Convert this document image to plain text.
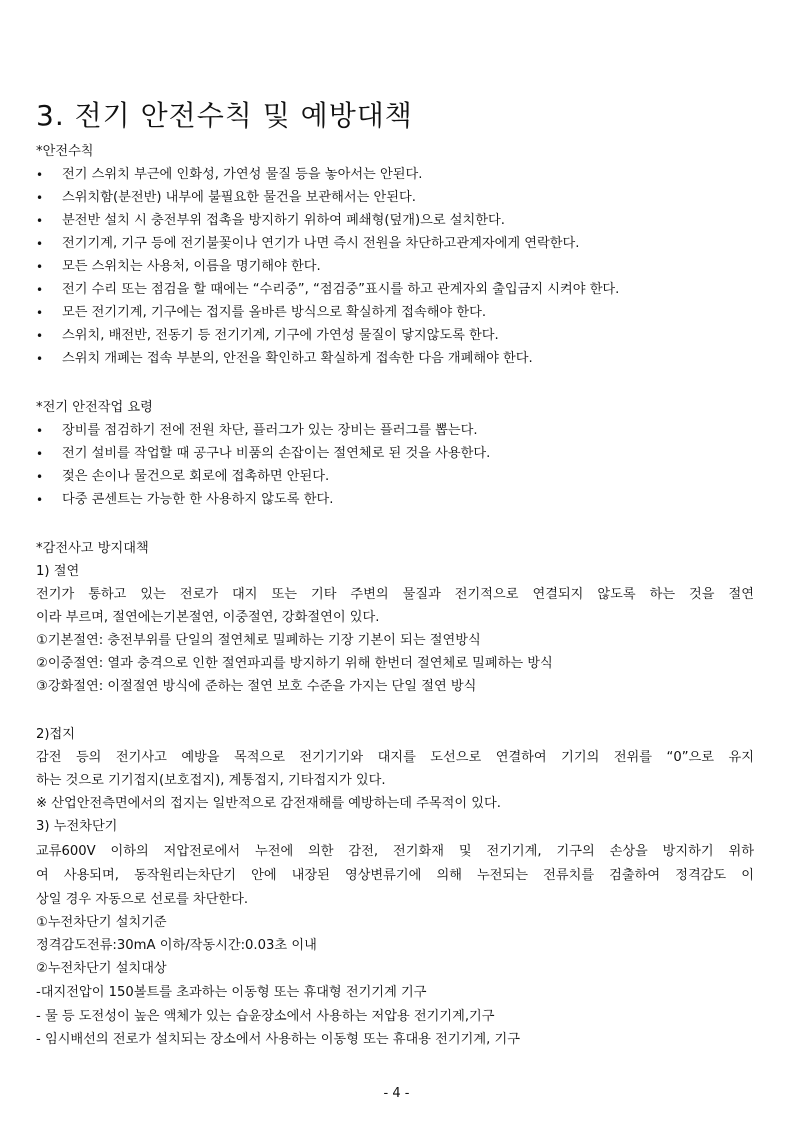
3. 전기 안전수칙 및 예방대책
*안전수칙
• 전기 스위치 부근에 인화성, 가연성 물질 등을 놓아서는 안된다.
• 스위치함(분전반) 내부에 불필요한 물건을 보관해서는 안된다.
• 분전반 설치 시 충전부위 접촉을 방지하기 위하여 폐쇄형(덮개)으로 설치한다.
• 전기기계, 기구 등에 전기불꽃이나 연기가 나면 즉시 전원을 차단하고관계자에게 연락한다.
• 모든 스위치는 사용처, 이름을 명기해야 한다.
• 전기 수리 또는 점검을 할 때에는 “수리중”, “점검중”표시를 하고 관계자외 출입금지 시켜야 한다.
• 모든 전기기계, 기구에는 접지를 올바른 방식으로 확실하게 접속해야 한다.
• 스위치, 배전반, 전동기 등 전기기계, 기구에 가연성 물질이 닿지않도록 한다.
• 스위치 개폐는 접속 부분의, 안전을 확인하고 확실하게 접속한 다음 개폐해야 한다.
*전기 안전작업 요령
• 장비를 점검하기 전에 전원 차단, 플러그가 있는 장비는 플러그를 뽑는다.
• 전기 설비를 작업할 때 공구나 비품의 손잡이는 절연체로 된 것을 사용한다.
• 젖은 손이나 물건으로 회로에 접촉하면 안된다.
• 다중 콘센트는 가능한 한 사용하지 않도록 한다.
*감전사고 방지대책
1) 절연
전기가 통하고 있는 전로가 대지 또는 기타 주변의 물질과 전기적으로 연결되지 않도록 하는 것을 절연
이라 부르며, 절연에는기본절연, 이중절연, 강화절연이 있다.
①기본절연: 충전부위를 단일의 절연체로 밀폐하는 기장 기본이 되는 절연방식
②이중절연: 열과 충격으로 인한 절연파괴를 방지하기 위해 한번더 절연체로 밀폐하는 방식
③강화절연: 이절절연 방식에 준하는 절연 보호 수준을 가지는 단일 절연 방식
2)접지
감전 등의 전기사고 예방을 목적으로 전기기기와 대지를 도선으로 연결하여 기기의 전위를 “0”으로 유지
하는 것으로 기기접지(보호접지), 계통접지, 기타접지가 있다.
※ 산업안전측면에서의 접지는 일반적으로 감전재해를 예방하는데 주목적이 있다.
3) 누전차단기
교류600V 이하의 저압전로에서 누전에 의한 감전, 전기화재 및 전기기계, 기구의 손상을 방지하기 위하
여 사용되며, 동작원리는차단기 안에 내장된 영상변류기에 의해 누전되는 전류치를 검출하여 정격감도 이
상일 경우 자동으로 선로를 차단한다.
①누전차단기 설치기준
정격감도전류:30mA 이하/작동시간:0.03초 이내
②누전차단기 설치대상
-대지전압이 150볼트를 초과하는 이동형 또는 휴대형 전기기계 기구
- 물 등 도전성이 높은 액체가 있는 습윤장소에서 사용하는 저압용 전기기계,기구
- 임시배선의 전로가 설치되는 장소에서 사용하는 이동형 또는 휴대용 전기기계, 기구
- 4 -
